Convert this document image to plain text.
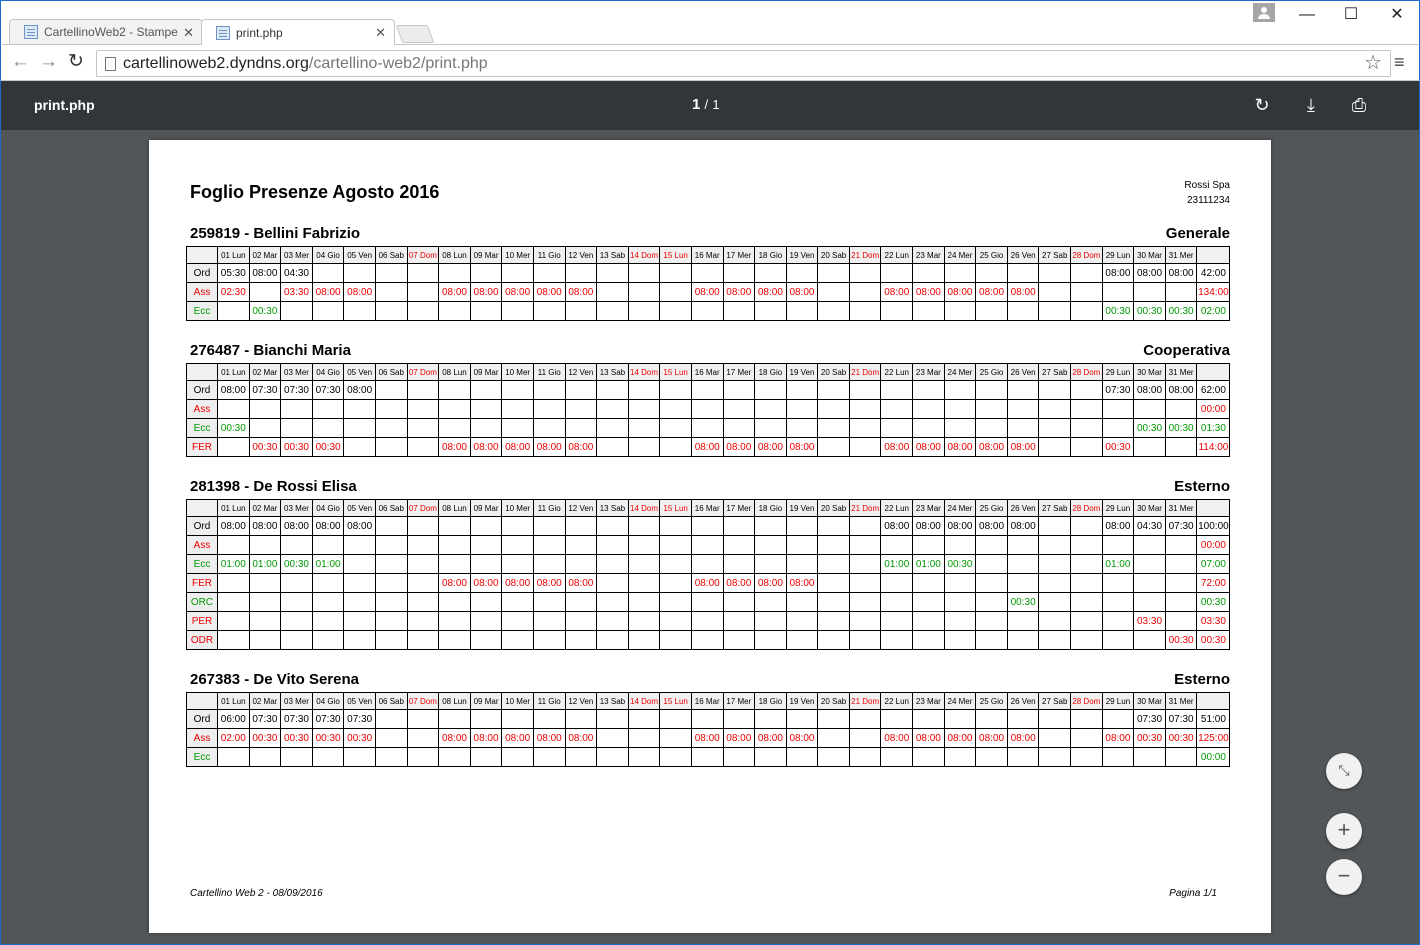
CartellinoWeb2 - Stampe ✕	print.php	✕
—	☐	✕
← → ↻	cartellinoweb2.dyndns.org/cartellino-web2/print.php	☆ ≡
print.php	1 / 1	↻	⤓	⎙
Foglio Presenze Agosto 2016	Rossi Spa
23111234
259819 - Bellini Fabrizio	Generale
	01 Lun	02 Mar	03 Mer	04 Gio	05 Ven	06 Sab	07 Dom	08 Lun	09 Mar	10 Mer	11 Gio	12 Ven	13 Sab	14 Dom	15 Lun	16 Mar	17 Mer	18 Gio	19 Ven	20 Sab	21 Dom	22 Lun	23 Mar	24 Mer	25 Gio	26 Ven	27 Sab	28 Dom	29 Lun	30 Mar	31 Mer	
Ord	05:30	08:00	04:30																										08:00	08:00	08:00	42:00
Ass	02:30		03:30	08:00	08:00			08:00	08:00	08:00	08:00	08:00				08:00	08:00	08:00	08:00			08:00	08:00	08:00	08:00	08:00						134:00
Ecc		00:30																											00:30	00:30	00:30	02:00
276487 - Bianchi Maria	Cooperativa
	01 Lun	02 Mar	03 Mer	04 Gio	05 Ven	06 Sab	07 Dom	08 Lun	09 Mar	10 Mer	11 Gio	12 Ven	13 Sab	14 Dom	15 Lun	16 Mar	17 Mer	18 Gio	19 Ven	20 Sab	21 Dom	22 Lun	23 Mar	24 Mer	25 Gio	26 Ven	27 Sab	28 Dom	29 Lun	30 Mar	31 Mer	
Ord	08:00	07:30	07:30	07:30	08:00																								07:30	08:00	08:00	62:00
Ass																																00:00
Ecc	00:30																													00:30	00:30	01:30
FER		00:30	00:30	00:30				08:00	08:00	08:00	08:00	08:00				08:00	08:00	08:00	08:00			08:00	08:00	08:00	08:00	08:00			00:30			114:00
281398 - De Rossi Elisa	Esterno
	01 Lun	02 Mar	03 Mer	04 Gio	05 Ven	06 Sab	07 Dom	08 Lun	09 Mar	10 Mer	11 Gio	12 Ven	13 Sab	14 Dom	15 Lun	16 Mar	17 Mer	18 Gio	19 Ven	20 Sab	21 Dom	22 Lun	23 Mar	24 Mer	25 Gio	26 Ven	27 Sab	28 Dom	29 Lun	30 Mar	31 Mer	
Ord	08:00	08:00	08:00	08:00	08:00																	08:00	08:00	08:00	08:00	08:00			08:00	04:30	07:30	100:00
Ass																																00:00
Ecc	01:00	01:00	00:30	01:00																		01:00	01:00	00:30					01:00			07:00
FER								08:00	08:00	08:00	08:00	08:00				08:00	08:00	08:00	08:00													72:00
ORC																										00:30						00:30
PER																														03:30		03:30
ODR																															00:30	00:30
267383 - De Vito Serena	Esterno
	01 Lun	02 Mar	03 Mer	04 Gio	05 Ven	06 Sab	07 Dom	08 Lun	09 Mar	10 Mer	11 Gio	12 Ven	13 Sab	14 Dom	15 Lun	16 Mar	17 Mer	18 Gio	19 Ven	20 Sab	21 Dom	22 Lun	23 Mar	24 Mer	25 Gio	26 Ven	27 Sab	28 Dom	29 Lun	30 Mar	31 Mer	
Ord	06:00	07:30	07:30	07:30	07:30																									07:30	07:30	51:00
Ass	02:00	00:30	00:30	00:30	00:30			08:00	08:00	08:00	08:00	08:00				08:00	08:00	08:00	08:00			08:00	08:00	08:00	08:00	08:00			08:00	00:30	00:30	125:00
Ecc																																00:00
Cartellino Web 2 - 08/09/2016	Pagina 1/1
⤡
+
−
